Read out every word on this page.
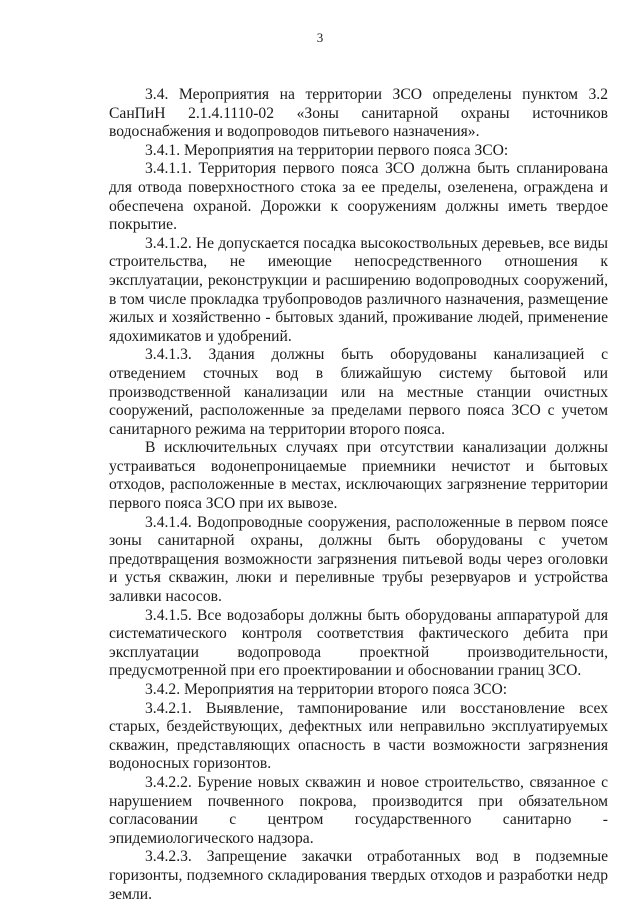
3

3.4. Мероприятия на территории ЗСО определены пунктом 3.2 СанПиН 2.1.4.1110-02 «Зоны санитарной охраны источников водоснабжения и водопроводов питьевого назначения».

3.4.1. Мероприятия на территории первого пояса ЗСО:

3.4.1.1. Территория первого пояса ЗСО должна быть спланирована для отвода поверхностного стока за ее пределы, озеленена, ограждена и обеспечена охраной. Дорожки к сооружениям должны иметь твердое покрытие.

3.4.1.2. Не допускается посадка высокоствольных деревьев, все виды строительства, не имеющие непосредственного отношения к эксплуатации, реконструкции и расширению водопроводных сооружений, в том числе прокладка трубопроводов различного назначения, размещение жилых и хозяйственно - бытовых зданий, проживание людей, применение ядохимикатов и удобрений.

3.4.1.3. Здания должны быть оборудованы канализацией с отведением сточных вод в ближайшую систему бытовой или производственной канализации или на местные станции очистных сооружений, расположенные за пределами первого пояса ЗСО с учетом санитарного режима на территории второго пояса.

В исключительных случаях при отсутствии канализации должны устраиваться водонепроницаемые приемники нечистот и бытовых отходов, расположенные в местах, исключающих загрязнение территории первого пояса ЗСО при их вывозе.

3.4.1.4. Водопроводные сооружения, расположенные в первом поясе зоны санитарной охраны, должны быть оборудованы с учетом предотвращения возможности загрязнения питьевой воды через оголовки и устья скважин, люки и переливные трубы резервуаров и устройства заливки насосов.

3.4.1.5. Все водозаборы должны быть оборудованы аппаратурой для систематического контроля соответствия фактического дебита при эксплуатации водопровода проектной производительности, предусмотренной при его проектировании и обосновании границ ЗСО.

3.4.2. Мероприятия на территории второго пояса ЗСО:

3.4.2.1. Выявление, тампонирование или восстановление всех старых, бездействующих, дефектных или неправильно эксплуатируемых скважин, представляющих опасность в части возможности загрязнения водоносных горизонтов.

3.4.2.2. Бурение новых скважин и новое строительство, связанное с нарушением почвенного покрова, производится при обязательном согласовании с центром государственного санитарно - эпидемиологического надзора.

3.4.2.3. Запрещение закачки отработанных вод в подземные горизонты, подземного складирования твердых отходов и разработки недр земли.
